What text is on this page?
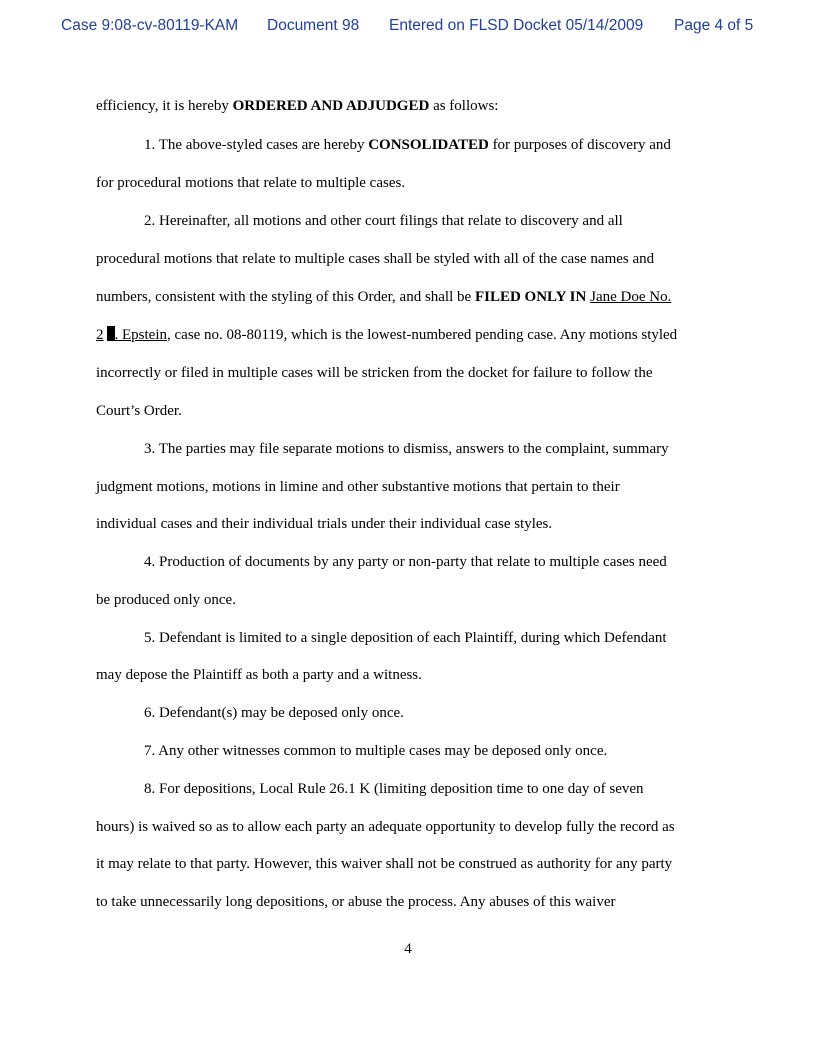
Case 9:08-cv-80119-KAM Document 98 Entered on FLSD Docket 05/14/2009 Page 4 of 5
efficiency, it is hereby ORDERED AND ADJUDGED as follows:
1. The above-styled cases are hereby CONSOLIDATED for purposes of discovery and
for procedural motions that relate to multiple cases.
2. Hereinafter, all motions and other court filings that relate to discovery and all
procedural motions that relate to multiple cases shall be styled with all of the case names and
numbers, consistent with the styling of this Order, and shall be FILED ONLY IN Jane Doe No.
2 . Epstein, case no. 08-80119, which is the lowest-numbered pending case. Any motions styled
incorrectly or filed in multiple cases will be stricken from the docket for failure to follow the
Court’s Order.
3. The parties may file separate motions to dismiss, answers to the complaint, summary
judgment motions, motions in limine and other substantive motions that pertain to their
individual cases and their individual trials under their individual case styles.
4. Production of documents by any party or non-party that relate to multiple cases need
be produced only once.
5. Defendant is limited to a single deposition of each Plaintiff, during which Defendant
may depose the Plaintiff as both a party and a witness.
6. Defendant(s) may be deposed only once.
7. Any other witnesses common to multiple cases may be deposed only once.
8. For depositions, Local Rule 26.1 K (limiting deposition time to one day of seven
hours) is waived so as to allow each party an adequate opportunity to develop fully the record as
it may relate to that party. However, this waiver shall not be construed as authority for any party
to take unnecessarily long depositions, or abuse the process. Any abuses of this waiver
4
